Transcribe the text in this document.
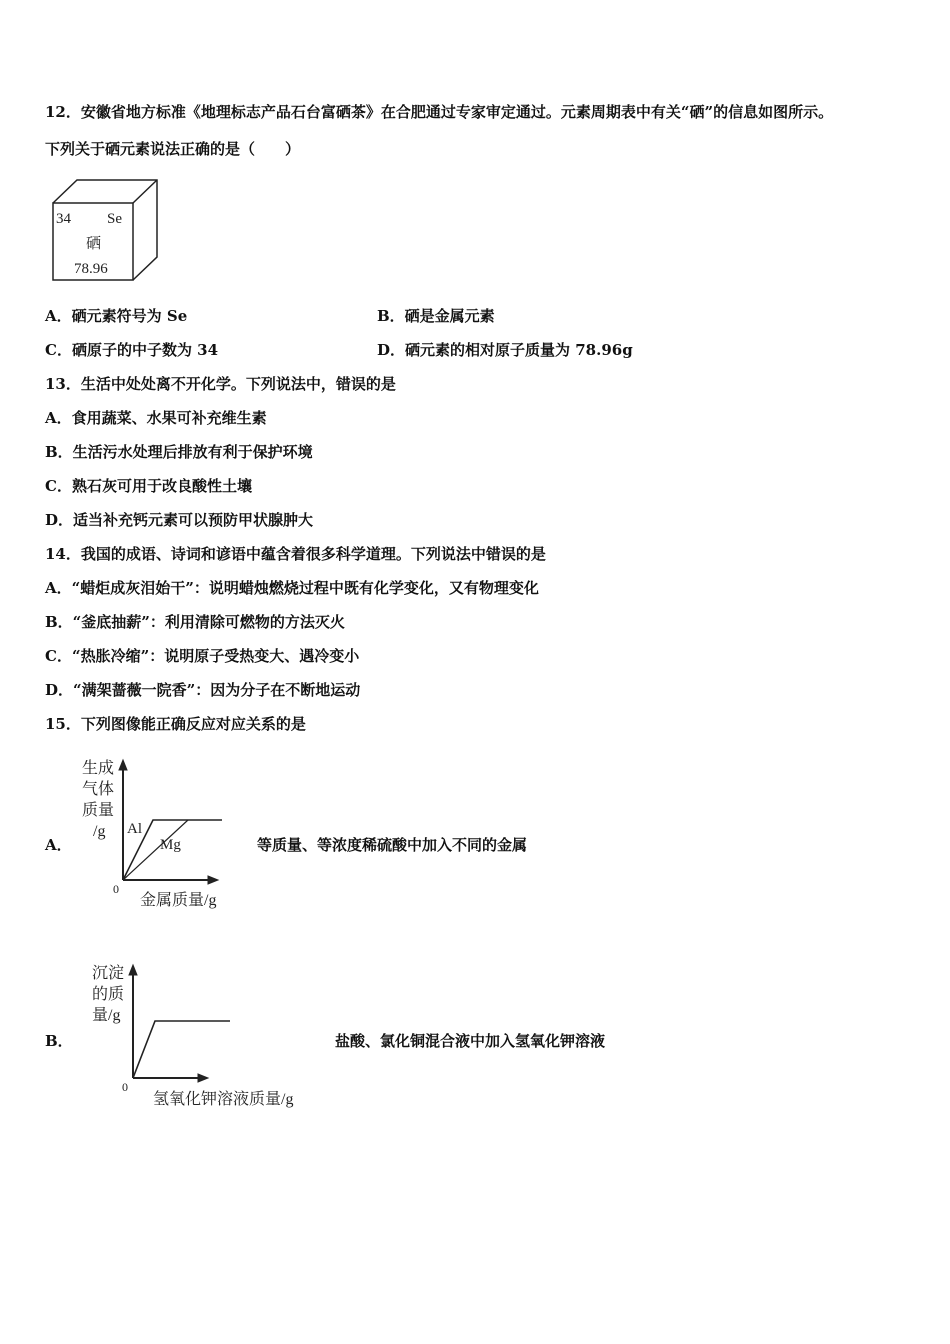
12．安徽省地方标准《地理标志产品石台富硒茶》在合肥通过专家审定通过。元素周期表中有关“硒”的信息如图所示。
下列关于硒元素说法正确的是（　　）
34 Se
硒
78.96
生成
气体
质量
/g Al
Mg
0
金属质量/g
沉淀
的质
量/g
0
氢氧化钾溶液质量/g
A．硒元素符号为 Se	B．硒是金属元素
C．硒原子的中子数为 34	D．硒元素的相对原子质量为 78.96g
13．生活中处处离不开化学。下列说法中，错误的是
A．食用蔬菜、水果可补充维生素
B．生活污水处理后排放有利于保护环境
C．熟石灰可用于改良酸性土壤
D．适当补充钙元素可以预防甲状腺肿大
14．我国的成语、诗词和谚语中蕴含着很多科学道理。下列说法中错误的是
A．“蜡炬成灰泪始干”：说明蜡烛燃烧过程中既有化学变化，又有物理变化
B．“釜底抽薪”：利用清除可燃物的方法灭火
C．“热胀冷缩”：说明原子受热变大、遇冷变小
D．“满架蔷薇一院香”：因为分子在不断地运动
15．下列图像能正确反应对应关系的是
A．	等质量、等浓度稀硫酸中加入不同的金属
B．	盐酸、氯化铜混合液中加入氢氧化钾溶液
